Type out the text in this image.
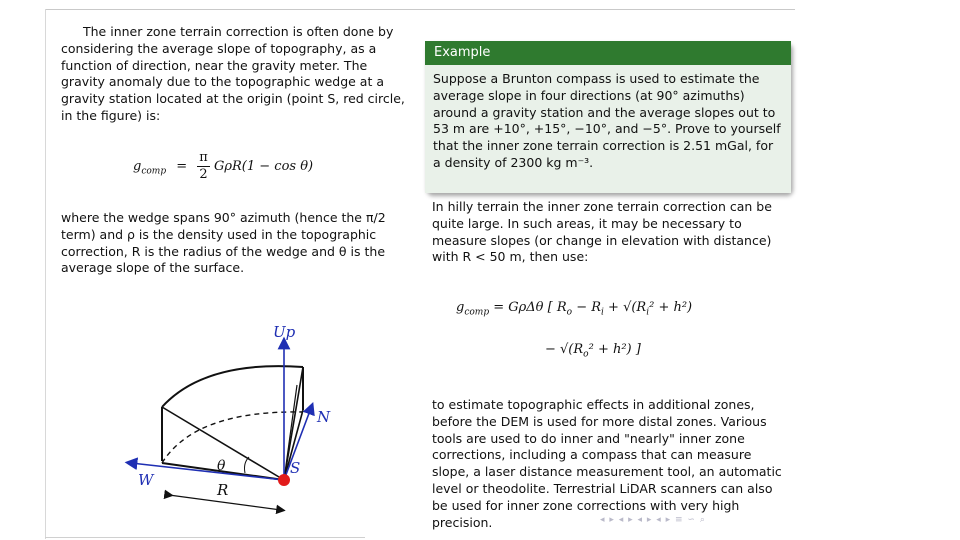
The inner zone terrain correction is often done by considering the average slope of topography, as a function of direction, near the gravity meter. The gravity anomaly due to the topographic wedge at a gravity station located at the origin (point S, red circle, in the figure) is:

$g_{comp} = \frac{\pi}{2} G\rho R(1 - \cos \theta)$

where the wedge spans 90° azimuth (hence the π/2 term) and ρ is the density used in the topographic correction, R is the radius of the wedge and θ is the average slope of the surface.

Up
N
θ	S
W
R
Example
Suppose a Brunton compass is used to estimate the average slope in four directions (at 90° azimuths) around a gravity station and the average slopes out to 53 m are +10°, +15°, −10°, and −5°. Prove to yourself that the inner zone terrain correction is 2.51 mGal, for a density of 2300 kg m⁻³.

In hilly terrain the inner zone terrain correction can be quite large. In such areas, it may be necessary to measure slopes (or change in elevation with distance) with R < 50 m, then use:

$g_{comp} = G\rho\Delta\theta$ [ $R_o - R_i + √(R_i^2 + h^2)$
− $√(R_o^2 + h^2)$ ]

to estimate topographic effects in additional zones, before the DEM is used for more distal zones. Various tools are used to do inner and "nearly" inner zone corrections, including a compass that can measure slope, a laser distance measurement tool, an automatic level or theodolite. Terrestrial LiDAR scanners can also be used for inner zone corrections with very high precision.	◂ ▸ ◂ ▸ ◂ ▸ ◂ ▸ ≡ ∽ ⌕
